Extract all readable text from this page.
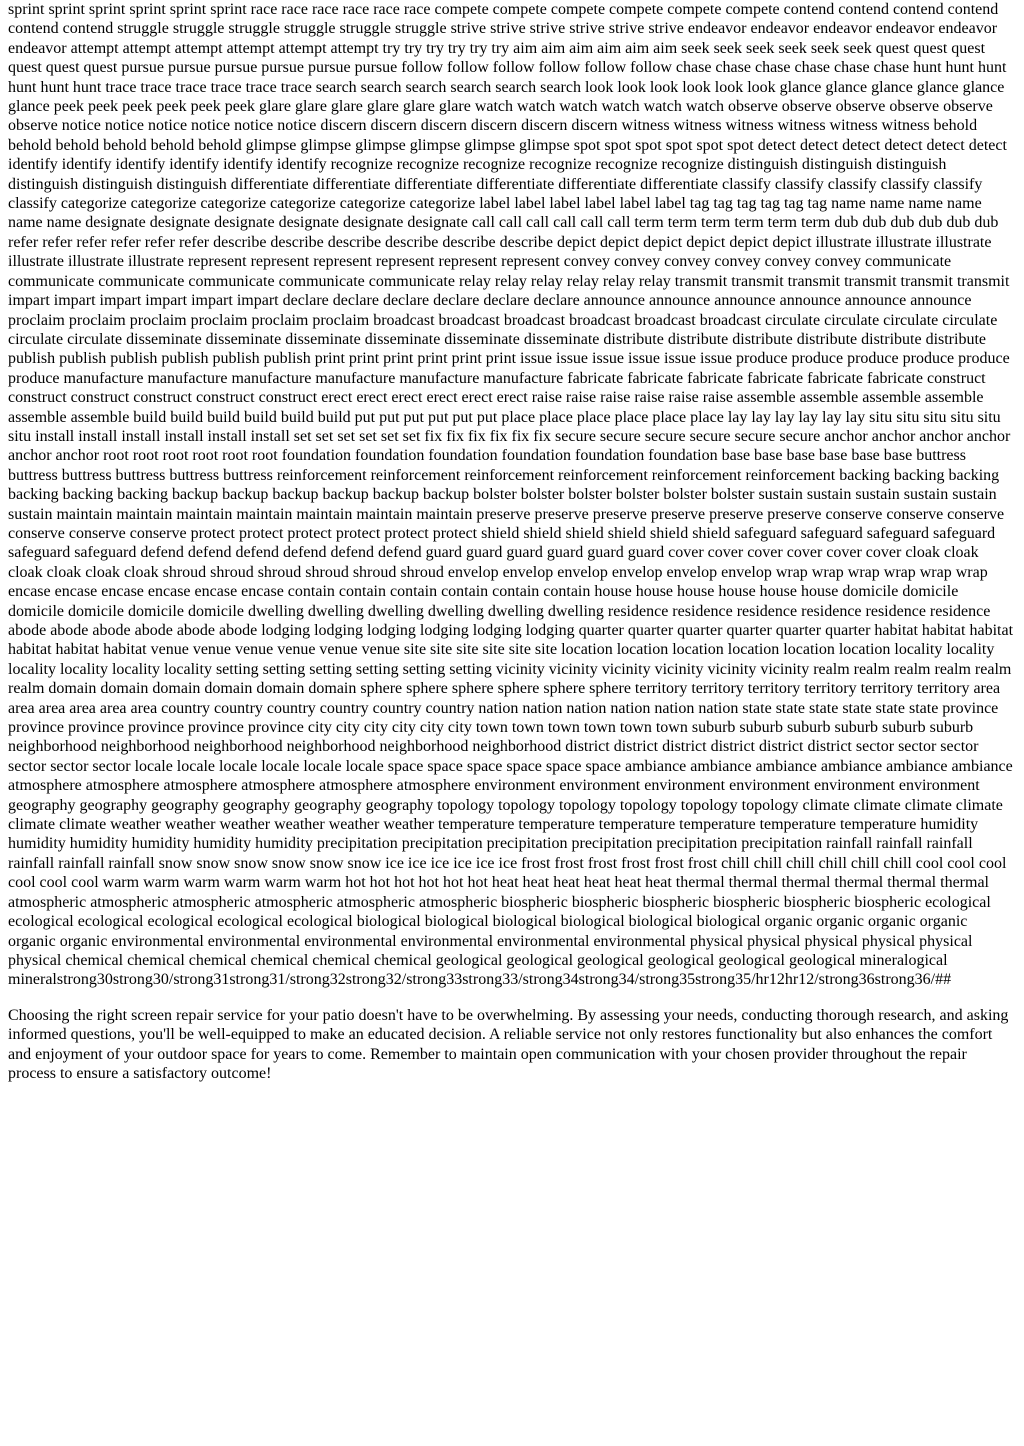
sprint sprint sprint sprint sprint sprint race race race race race race compete compete compete compete compete compete contend contend contend contend contend contend struggle struggle struggle struggle struggle struggle strive strive strive strive strive strive endeavor endeavor endeavor endeavor endeavor endeavor attempt attempt attempt attempt attempt attempt try try try try try try aim aim aim aim aim aim seek seek seek seek seek seek quest quest quest quest quest quest pursue pursue pursue pursue pursue pursue follow follow follow follow follow follow chase chase chase chase chase chase hunt hunt hunt hunt hunt hunt trace trace trace trace trace trace search search search search search search look look look look look look glance glance glance glance glance glance peek peek peek peek peek peek glare glare glare glare glare glare watch watch watch watch watch watch observe observe observe observe observe observe notice notice notice notice notice notice discern discern discern discern discern discern witness witness witness witness witness witness behold behold behold behold behold behold glimpse glimpse glimpse glimpse glimpse glimpse spot spot spot spot spot spot detect detect detect detect detect detect identify identify identify identify identify identify recognize recognize recognize recognize recognize recognize distinguish distinguish distinguish distinguish distinguish distinguish differentiate differentiate differentiate differentiate differentiate differentiate classify classify classify classify classify classify categorize categorize categorize categorize categorize categorize label label label label label label tag tag tag tag tag tag name name name name name name designate designate designate designate designate designate call call call call call call term term term term term term dub dub dub dub dub dub refer refer refer refer refer refer describe describe describe describe describe describe depict depict depict depict depict depict illustrate illustrate illustrate illustrate illustrate illustrate represent represent represent represent represent represent convey convey convey convey convey convey communicate communicate communicate communicate communicate communicate relay relay relay relay relay relay transmit transmit transmit transmit transmit transmit impart impart impart impart impart impart declare declare declare declare declare declare announce announce announce announce announce announce proclaim proclaim proclaim proclaim proclaim proclaim broadcast broadcast broadcast broadcast broadcast broadcast circulate circulate circulate circulate circulate circulate disseminate disseminate disseminate disseminate disseminate disseminate distribute distribute distribute distribute distribute distribute publish publish publish publish publish publish print print print print print print issue issue issue issue issue issue produce produce produce produce produce produce manufacture manufacture manufacture manufacture manufacture manufacture fabricate fabricate fabricate fabricate fabricate fabricate construct construct construct construct construct construct erect erect erect erect erect erect raise raise raise raise raise raise assemble assemble assemble assemble assemble assemble build build build build build build put put put put put put place place place place place place lay lay lay lay lay lay situ situ situ situ situ situ install install install install install install set set set set set set fix fix fix fix fix fix secure secure secure secure secure secure anchor anchor anchor anchor anchor anchor root root root root root root foundation foundation foundation foundation foundation foundation base base base base base base buttress buttress buttress buttress buttress buttress reinforcement reinforcement reinforcement reinforcement reinforcement reinforcement backing backing backing backing backing backing backup backup backup backup backup backup bolster bolster bolster bolster bolster bolster sustain sustain sustain sustain sustain sustain maintain maintain maintain maintain maintain maintain maintain preserve preserve preserve preserve preserve preserve conserve conserve conserve conserve conserve conserve protect protect protect protect protect protect shield shield shield shield shield shield safeguard safeguard safeguard safeguard safeguard safeguard defend defend defend defend defend defend guard guard guard guard guard guard cover cover cover cover cover cover cloak cloak cloak cloak cloak cloak shroud shroud shroud shroud shroud shroud envelop envelop envelop envelop envelop envelop wrap wrap wrap wrap wrap wrap encase encase encase encase encase encase contain contain contain contain contain contain house house house house house house domicile domicile domicile domicile domicile domicile dwelling dwelling dwelling dwelling dwelling dwelling residence residence residence residence residence residence abode abode abode abode abode abode lodging lodging lodging lodging lodging lodging quarter quarter quarter quarter quarter quarter habitat habitat habitat habitat habitat habitat venue venue venue venue venue venue site site site site site site location location location location location location locality locality locality locality locality locality setting setting setting setting setting setting vicinity vicinity vicinity vicinity vicinity vicinity realm realm realm realm realm realm domain domain domain domain domain domain sphere sphere sphere sphere sphere sphere territory territory territory territory territory territory area area area area area area country country country country country country nation nation nation nation nation nation state state state state state state province province province province province province city city city city city city town town town town town town suburb suburb suburb suburb suburb suburb neighborhood neighborhood neighborhood neighborhood neighborhood neighborhood district district district district district district sector sector sector sector sector sector locale locale locale locale locale locale space space space space space space ambiance ambiance ambiance ambiance ambiance ambiance atmosphere atmosphere atmosphere atmosphere atmosphere atmosphere environment environment environment environment environment environment geography geography geography geography geography geography topology topology topology topology topology topology climate climate climate climate climate climate weather weather weather weather weather weather temperature temperature temperature temperature temperature temperature humidity humidity humidity humidity humidity humidity precipitation precipitation precipitation precipitation precipitation precipitation rainfall rainfall rainfall rainfall rainfall rainfall snow snow snow snow snow snow ice ice ice ice ice ice frost frost frost frost frost frost chill chill chill chill chill chill cool cool cool cool cool cool warm warm warm warm warm warm hot hot hot hot hot hot heat heat heat heat heat heat thermal thermal thermal thermal thermal thermal atmospheric atmospheric atmospheric atmospheric atmospheric atmospheric biospheric biospheric biospheric biospheric biospheric biospheric ecological ecological ecological ecological ecological ecological biological biological biological biological biological biological organic organic organic organic organic organic environmental environmental environmental environmental environmental environmental physical physical physical physical physical physical chemical chemical chemical chemical chemical chemical geological geological geological geological geological geological mineralogical mineralstrong30strong30/strong31strong31/strong32strong32/strong33strong33/strong34strong34/strong35strong35/hr12hr12/strong36strong36/##

Choosing the right screen repair service for your patio doesn't have to be overwhelming. By assessing your needs, conducting thorough research, and asking informed questions, you'll be well-equipped to make an educated decision. A reliable service not only restores functionality but also enhances the comfort and enjoyment of your outdoor space for years to come. Remember to maintain open communication with your chosen provider throughout the repair process to ensure a satisfactory outcome!
